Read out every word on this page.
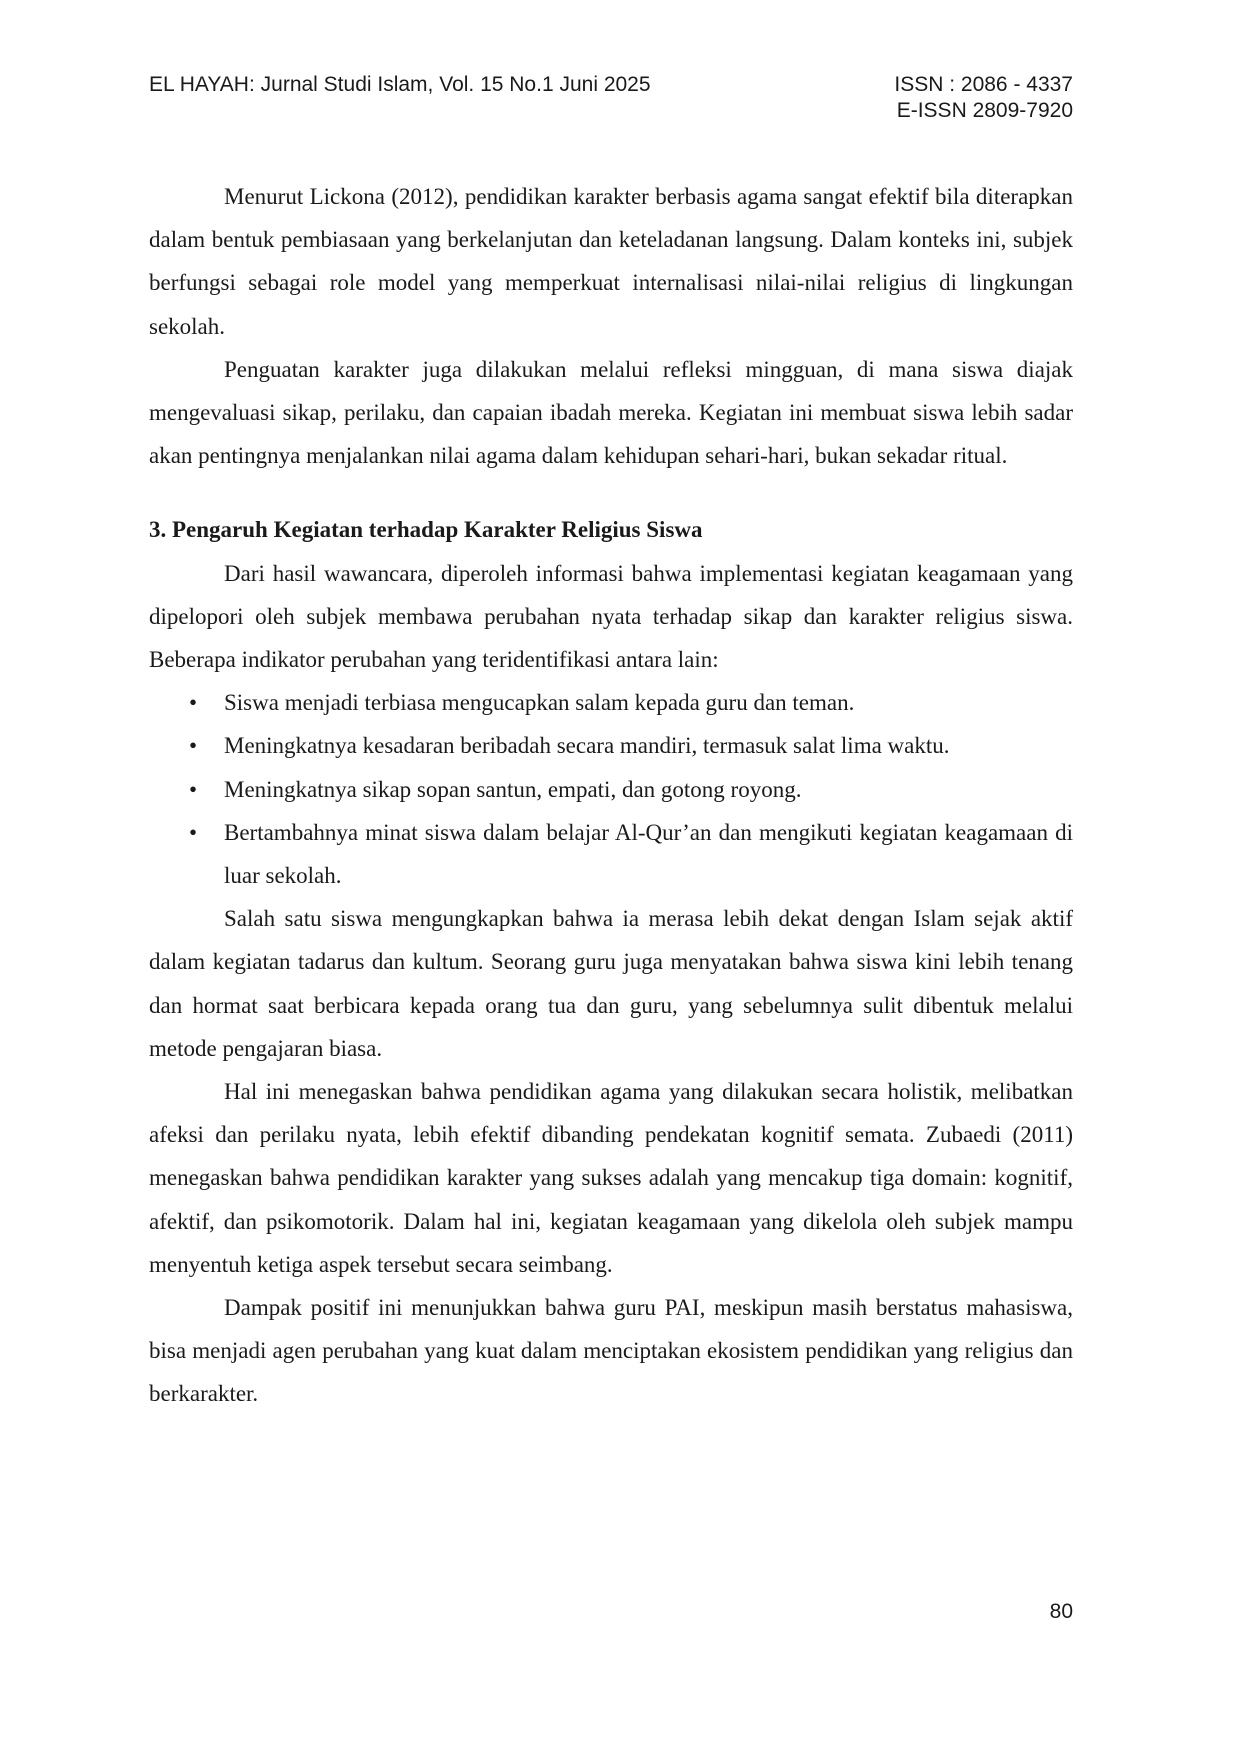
EL HAYAH: Jurnal Studi Islam, Vol. 15 No.1 Juni 2025	ISSN : 2086 - 4337
E-ISSN 2809-7920

Menurut Lickona (2012), pendidikan karakter berbasis agama sangat efektif bila diterapkan dalam bentuk pembiasaan yang berkelanjutan dan keteladanan langsung. Dalam konteks ini, subjek berfungsi sebagai role model yang memperkuat internalisasi nilai-nilai religius di lingkungan sekolah.

Penguatan karakter juga dilakukan melalui refleksi mingguan, di mana siswa diajak mengevaluasi sikap, perilaku, dan capaian ibadah mereka. Kegiatan ini membuat siswa lebih sadar akan pentingnya menjalankan nilai agama dalam kehidupan sehari-hari, bukan sekadar ritual.

3. Pengaruh Kegiatan terhadap Karakter Religius Siswa

Dari hasil wawancara, diperoleh informasi bahwa implementasi kegiatan keagamaan yang dipelopori oleh subjek membawa perubahan nyata terhadap sikap dan karakter religius siswa. Beberapa indikator perubahan yang teridentifikasi antara lain:

• Siswa menjadi terbiasa mengucapkan salam kepada guru dan teman.
• Meningkatnya kesadaran beribadah secara mandiri, termasuk salat lima waktu.
• Meningkatnya sikap sopan santun, empati, dan gotong royong.
• Bertambahnya minat siswa dalam belajar Al-Qur’an dan mengikuti kegiatan keagamaan di luar sekolah.

Salah satu siswa mengungkapkan bahwa ia merasa lebih dekat dengan Islam sejak aktif dalam kegiatan tadarus dan kultum. Seorang guru juga menyatakan bahwa siswa kini lebih tenang dan hormat saat berbicara kepada orang tua dan guru, yang sebelumnya sulit dibentuk melalui metode pengajaran biasa.

Hal ini menegaskan bahwa pendidikan agama yang dilakukan secara holistik, melibatkan afeksi dan perilaku nyata, lebih efektif dibanding pendekatan kognitif semata. Zubaedi (2011) menegaskan bahwa pendidikan karakter yang sukses adalah yang mencakup tiga domain: kognitif, afektif, dan psikomotorik. Dalam hal ini, kegiatan keagamaan yang dikelola oleh subjek mampu menyentuh ketiga aspek tersebut secara seimbang.

Dampak positif ini menunjukkan bahwa guru PAI, meskipun masih berstatus mahasiswa, bisa menjadi agen perubahan yang kuat dalam menciptakan ekosistem pendidikan yang religius dan berkarakter.

80
